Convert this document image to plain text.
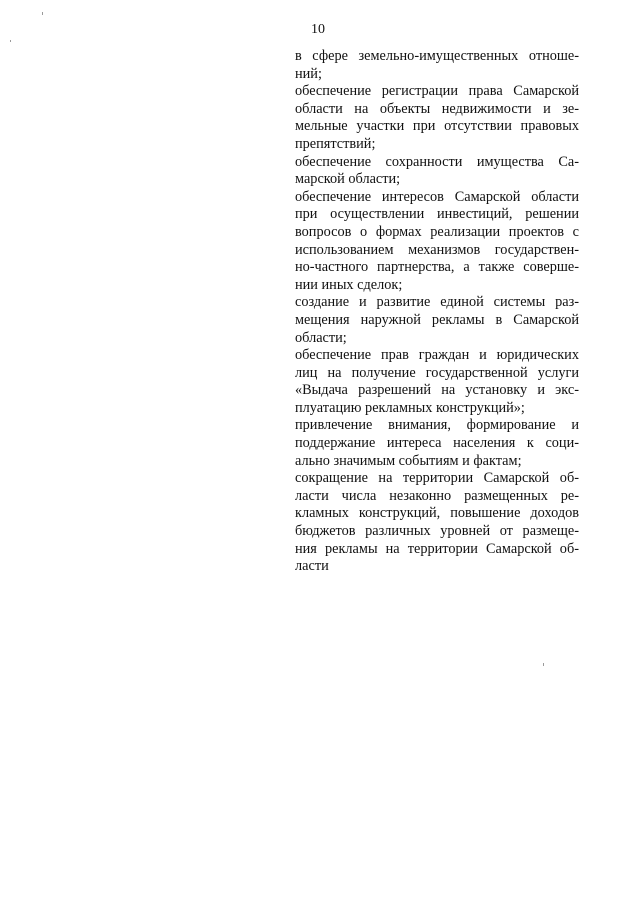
10
в сфере земельно-имущественных отноше-
ний;
обеспечение регистрации права Самарской
области на объекты недвижимости и зе-
мельные участки при отсутствии правовых
препятствий;
обеспечение сохранности имущества Са-
марской области;
обеспечение интересов Самарской области
при осуществлении инвестиций, решении
вопросов о формах реализации проектов с
использованием механизмов государствен-
но-частного партнерства, а также соверше-
нии иных сделок;
создание и развитие единой системы раз-
мещения наружной рекламы в Самарской
области;
обеспечение прав граждан и юридических
лиц на получение государственной услуги
«Выдача разрешений на установку и экс-
плуатацию рекламных конструкций»;
привлечение внимания, формирование и
поддержание интереса населения к соци-
ально значимым событиям и фактам;
сокращение на территории Самарской об-
ласти числа незаконно размещенных ре-
кламных конструкций, повышение доходов
бюджетов различных уровней от размеще-
ния рекламы на территории Самарской об-
ласти
